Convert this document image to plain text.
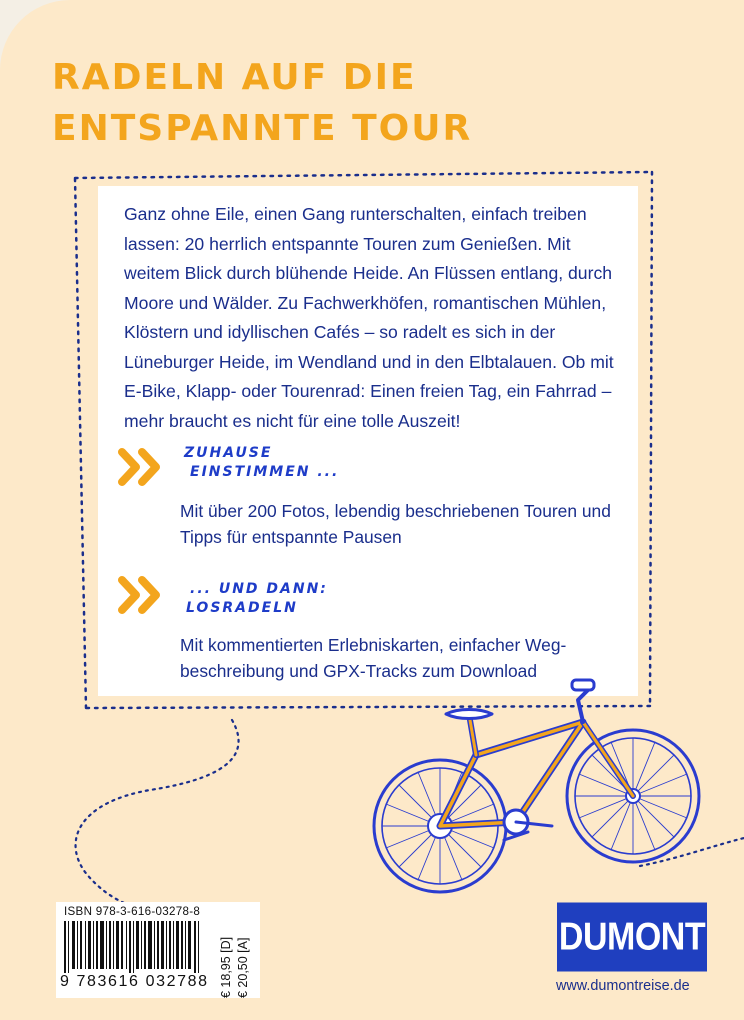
RADELN AUF DIE
ENTSPANNTE TOUR

Ganz ohne Eile, einen Gang runterschalten, einfach treiben lassen: 20 herrlich entspannte Touren zum Genießen. Mit weitem Blick durch blühende Heide. An Flüssen entlang, durch Moore und Wälder. Zu Fachwerkhöfen, romantischen Mühlen, Klöstern und idyllischen Cafés – so radelt es sich in der Lüneburger Heide, im Wendland und in den Elbtalauen. Ob mit E-Bike, Klapp- oder Tourenrad: Einen freien Tag, ein Fahrrad – mehr braucht es nicht für eine tolle Auszeit!

ZUHAUSE
EINSTIMMEN ...

Mit über 200 Fotos, lebendig beschriebenen Touren und Tipps für entspannte Pausen

... UND DANN:
LOSRADELN

Mit kommentierten Erlebniskarten, einfacher Weg-beschreibung und GPX-Tracks zum Download

ISBN 978-3-616-03278-8
9 783616 032788 € 18,95 [D] € 20,50 [A]
DUMONT
www.dumontreise.de
